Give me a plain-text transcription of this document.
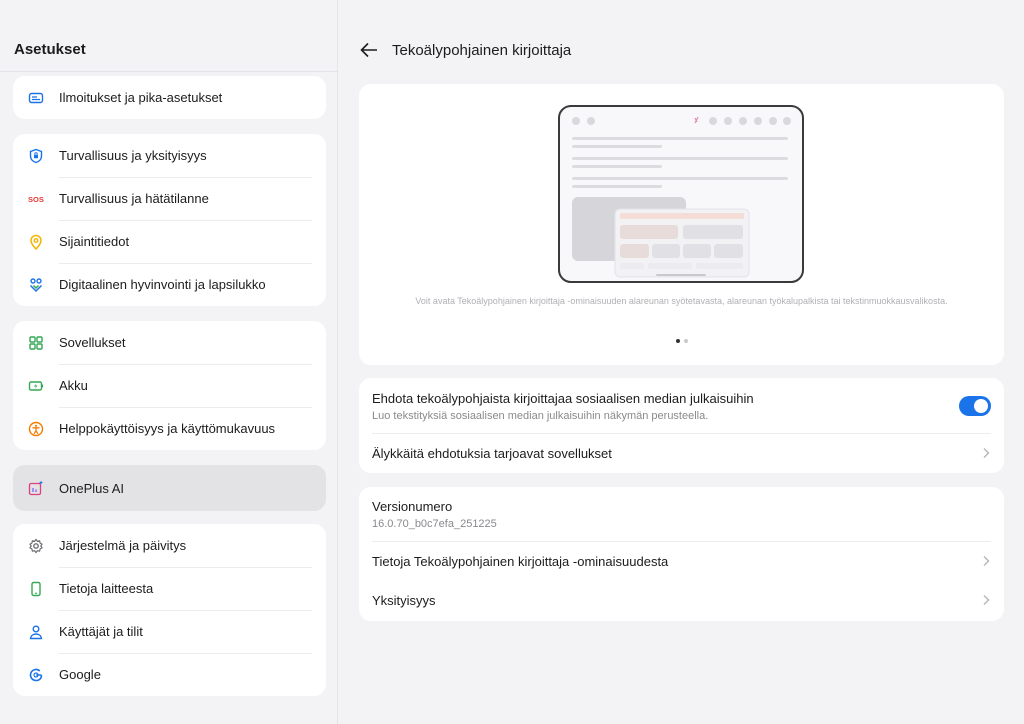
Asetukset
Ilmoitukset ja pika-asetukset
Turvallisuus ja yksityisyys
SOS Turvallisuus ja hätätilanne
Sijaintitiedot
Digitaalinen hyvinvointi ja lapsilukko
Sovellukset
Akku
Helppokäyttöisyys ja käyttömukavuus
OnePlus AI
Järjestelmä ja päivitys
Tietoja laitteesta
Käyttäjät ja tilit
Google
Tekoälypohjainen kirjoittaja
Voit avata Tekoälypohjainen kirjoittaja -ominaisuuden alareunan syötetavasta, alareunan työkalupalkista tai tekstinmuokkausvalikosta.
Ehdota tekoälypohjaista kirjoittajaa sosiaalisen median julkaisuihin
Luo tekstityksiä sosiaalisen median julkaisuihin näkymän perusteella.
Älykkäitä ehdotuksia tarjoavat sovellukset
Versionumero
16.0.70_b0c7efa_251225
Tietoja Tekoälypohjainen kirjoittaja -ominaisuudesta
Yksityisyys
